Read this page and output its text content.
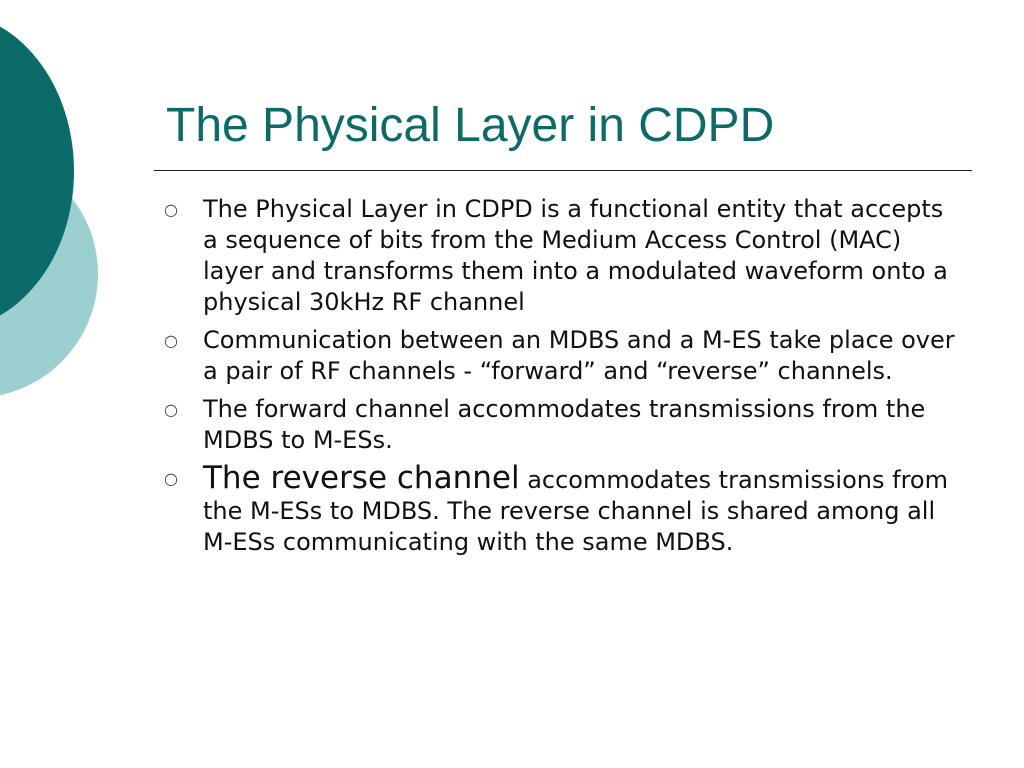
The Physical Layer in CDPD
○	The Physical Layer in CDPD is a functional entity that accepts a sequence of bits from the Medium Access Control (MAC) layer and transforms them into a modulated waveform onto a physical 30kHz RF channel
○	Communication between an MDBS and a M-ES take place over a pair of RF channels - “forward” and “reverse” channels.
○	The forward channel accommodates transmissions from the MDBS to M-ESs.
○ The reverse channel accommodates transmissions from the M-ESs to MDBS. The reverse channel is shared among all M-ESs communicating with the same MDBS.
